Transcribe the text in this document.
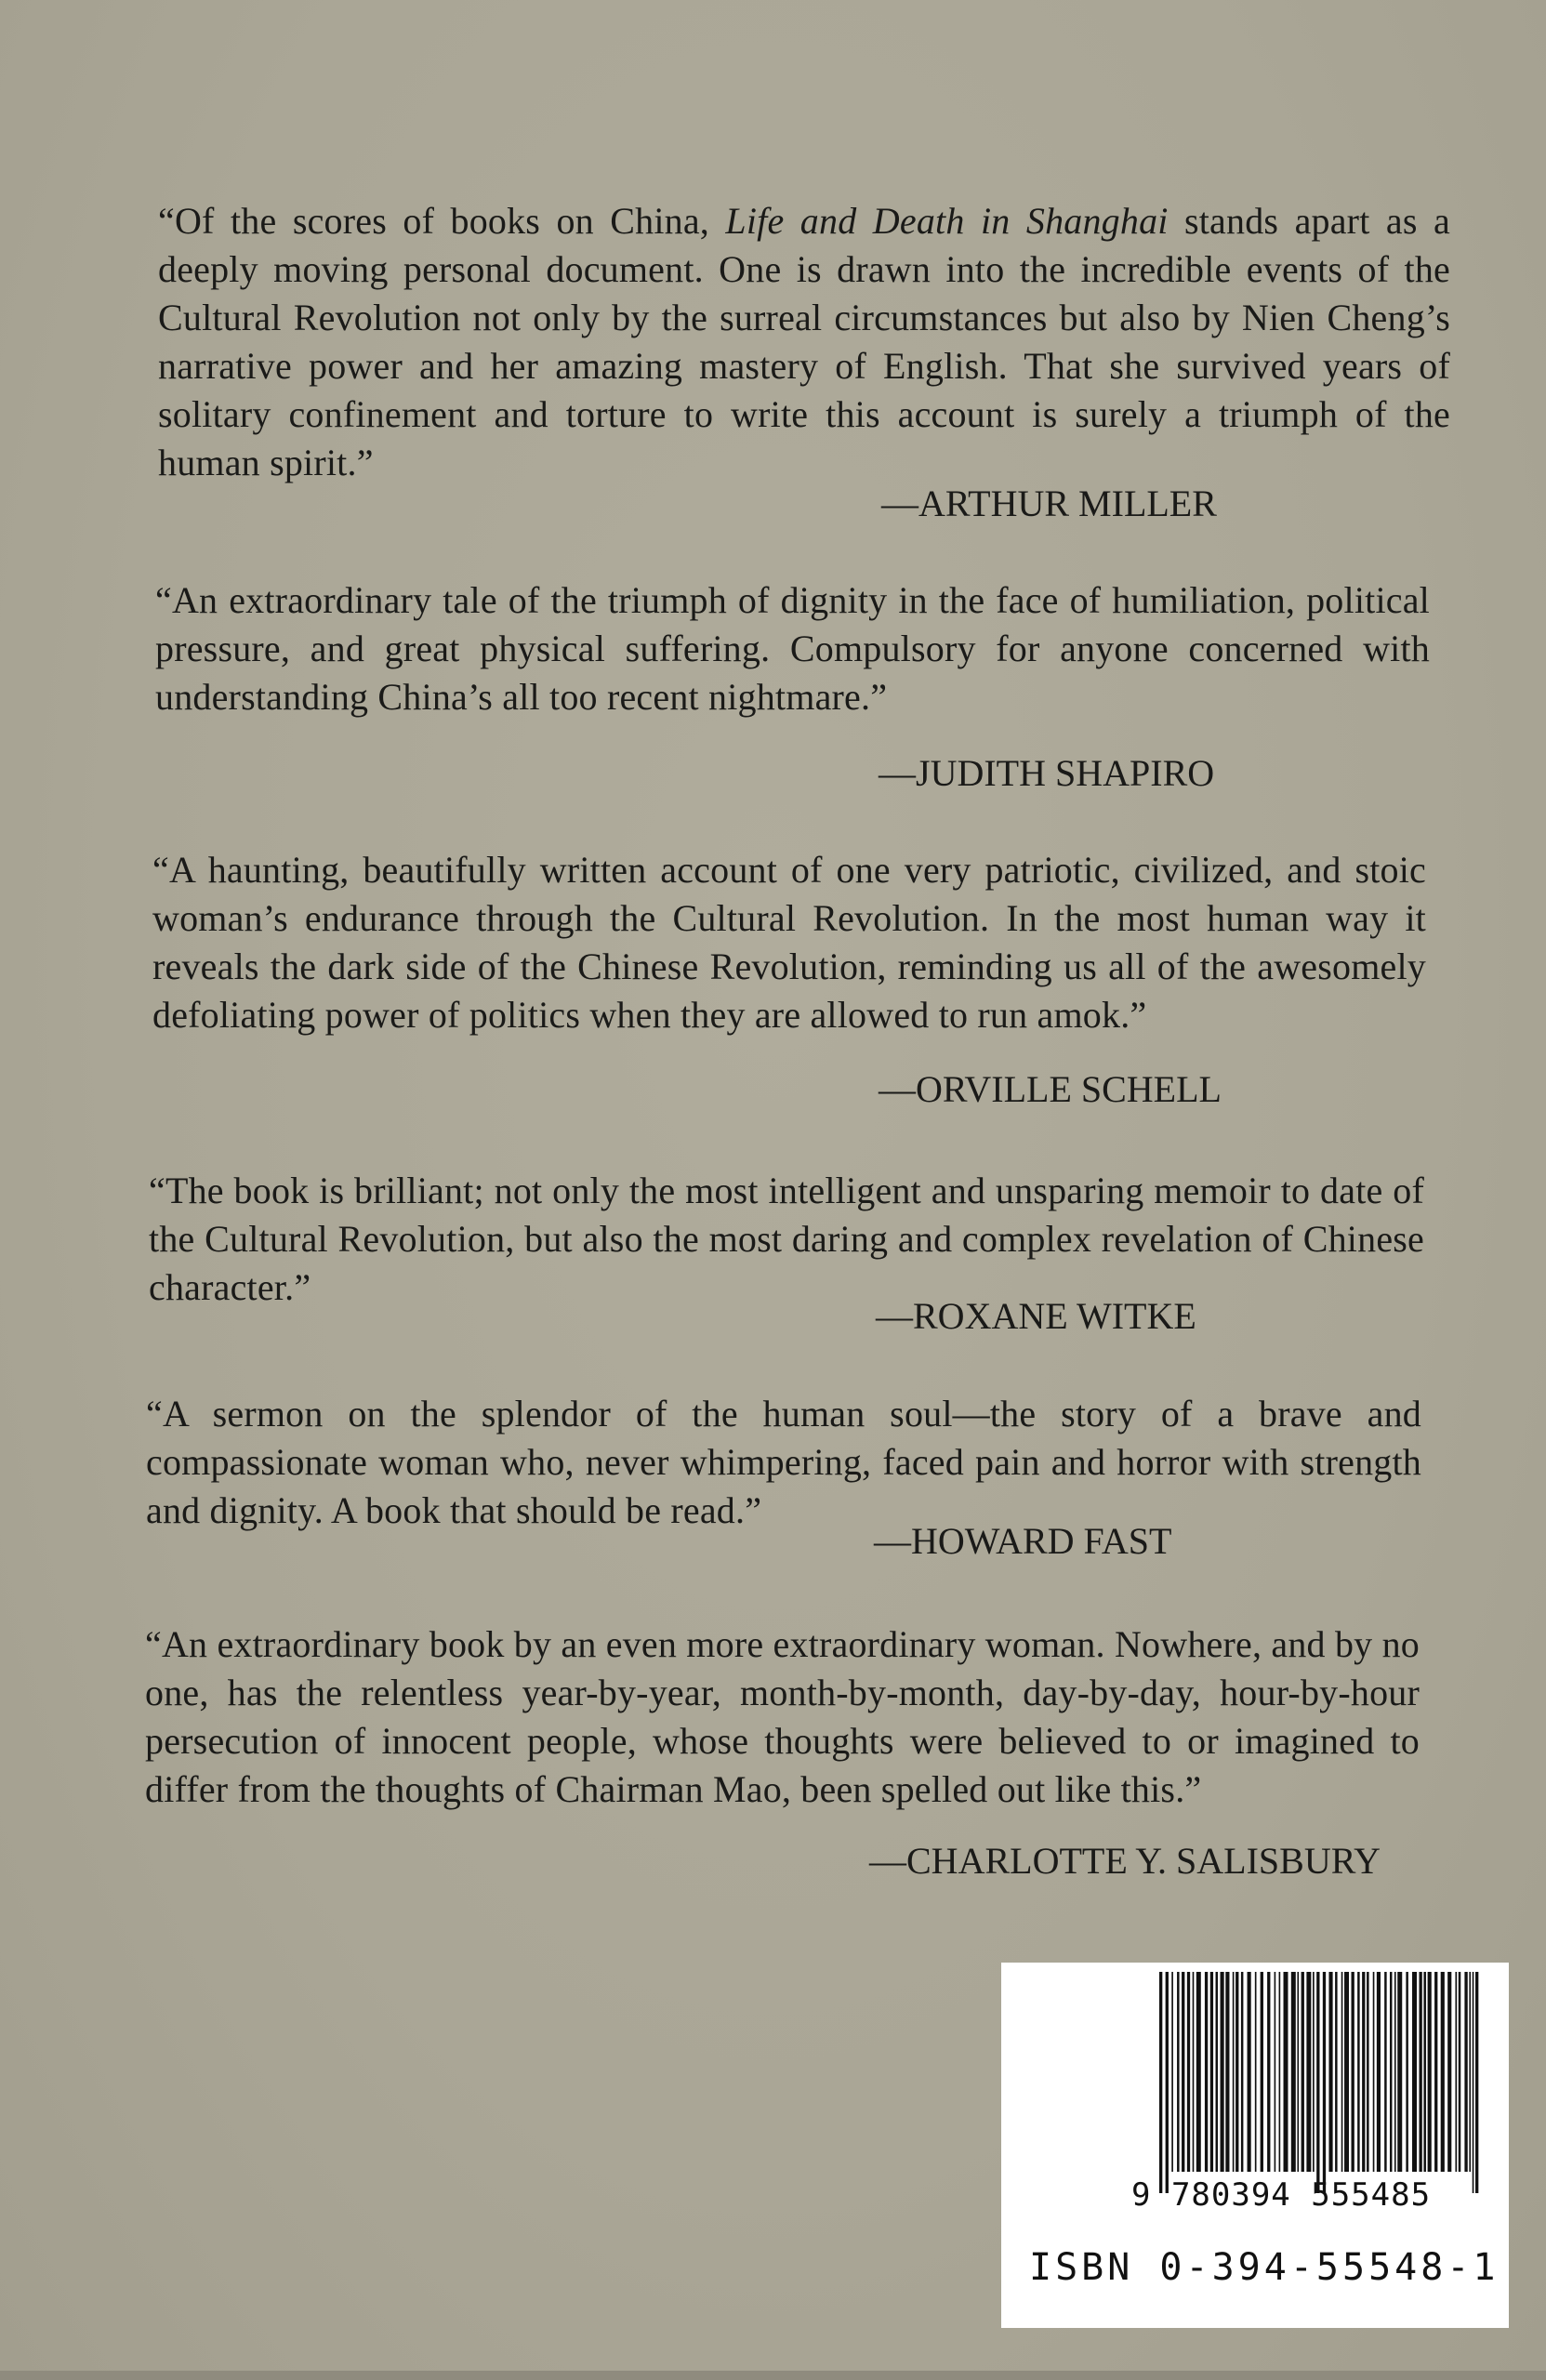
“Of the scores of books on China, Life and Death in Shanghai stands apart as a deeply moving personal document. One is drawn into the incredible events of the Cultural Revolution not only by the surreal circumstances but also by Nien Cheng’s narrative power and her amazing mastery of English. That she survived years of solitary confinement and torture to write this account is surely a triumph of the human spirit.”
—ARTHUR MILLER
“An extraordinary tale of the triumph of dignity in the face of humiliation, political pressure, and great physical suffering. Compulsory for anyone concerned with understanding China’s all too recent nightmare.”
—JUDITH SHAPIRO
“A haunting, beautifully written account of one very patriotic, civilized, and stoic woman’s endurance through the Cultural Revolution. In the most human way it reveals the dark side of the Chinese Revolution, reminding us all of the awesomely defoliating power of politics when they are allowed to run amok.”
—ORVILLE SCHELL
“The book is brilliant; not only the most intelligent and unsparing memoir to date of the Cultural Revolution, but also the most daring and complex revelation of Chinese character.”
—ROXANE WITKE
“A sermon on the splendor of the human soul—the story of a brave and compassionate woman who, never whimpering, faced pain and horror with strength and dignity. A book that should be read.”
—HOWARD FAST
“An extraordinary book by an even more extraordinary woman. Nowhere, and by no one, has the relentless year-by-year, month-by-month, day-by-day, hour-by-hour persecution of innocent people, whose thoughts were believed to or imagined to differ from the thoughts of Chairman Mao, been spelled out like this.”
—CHARLOTTE Y. SALISBURY
9 780394 555485
ISBN 0-394-55548-1
